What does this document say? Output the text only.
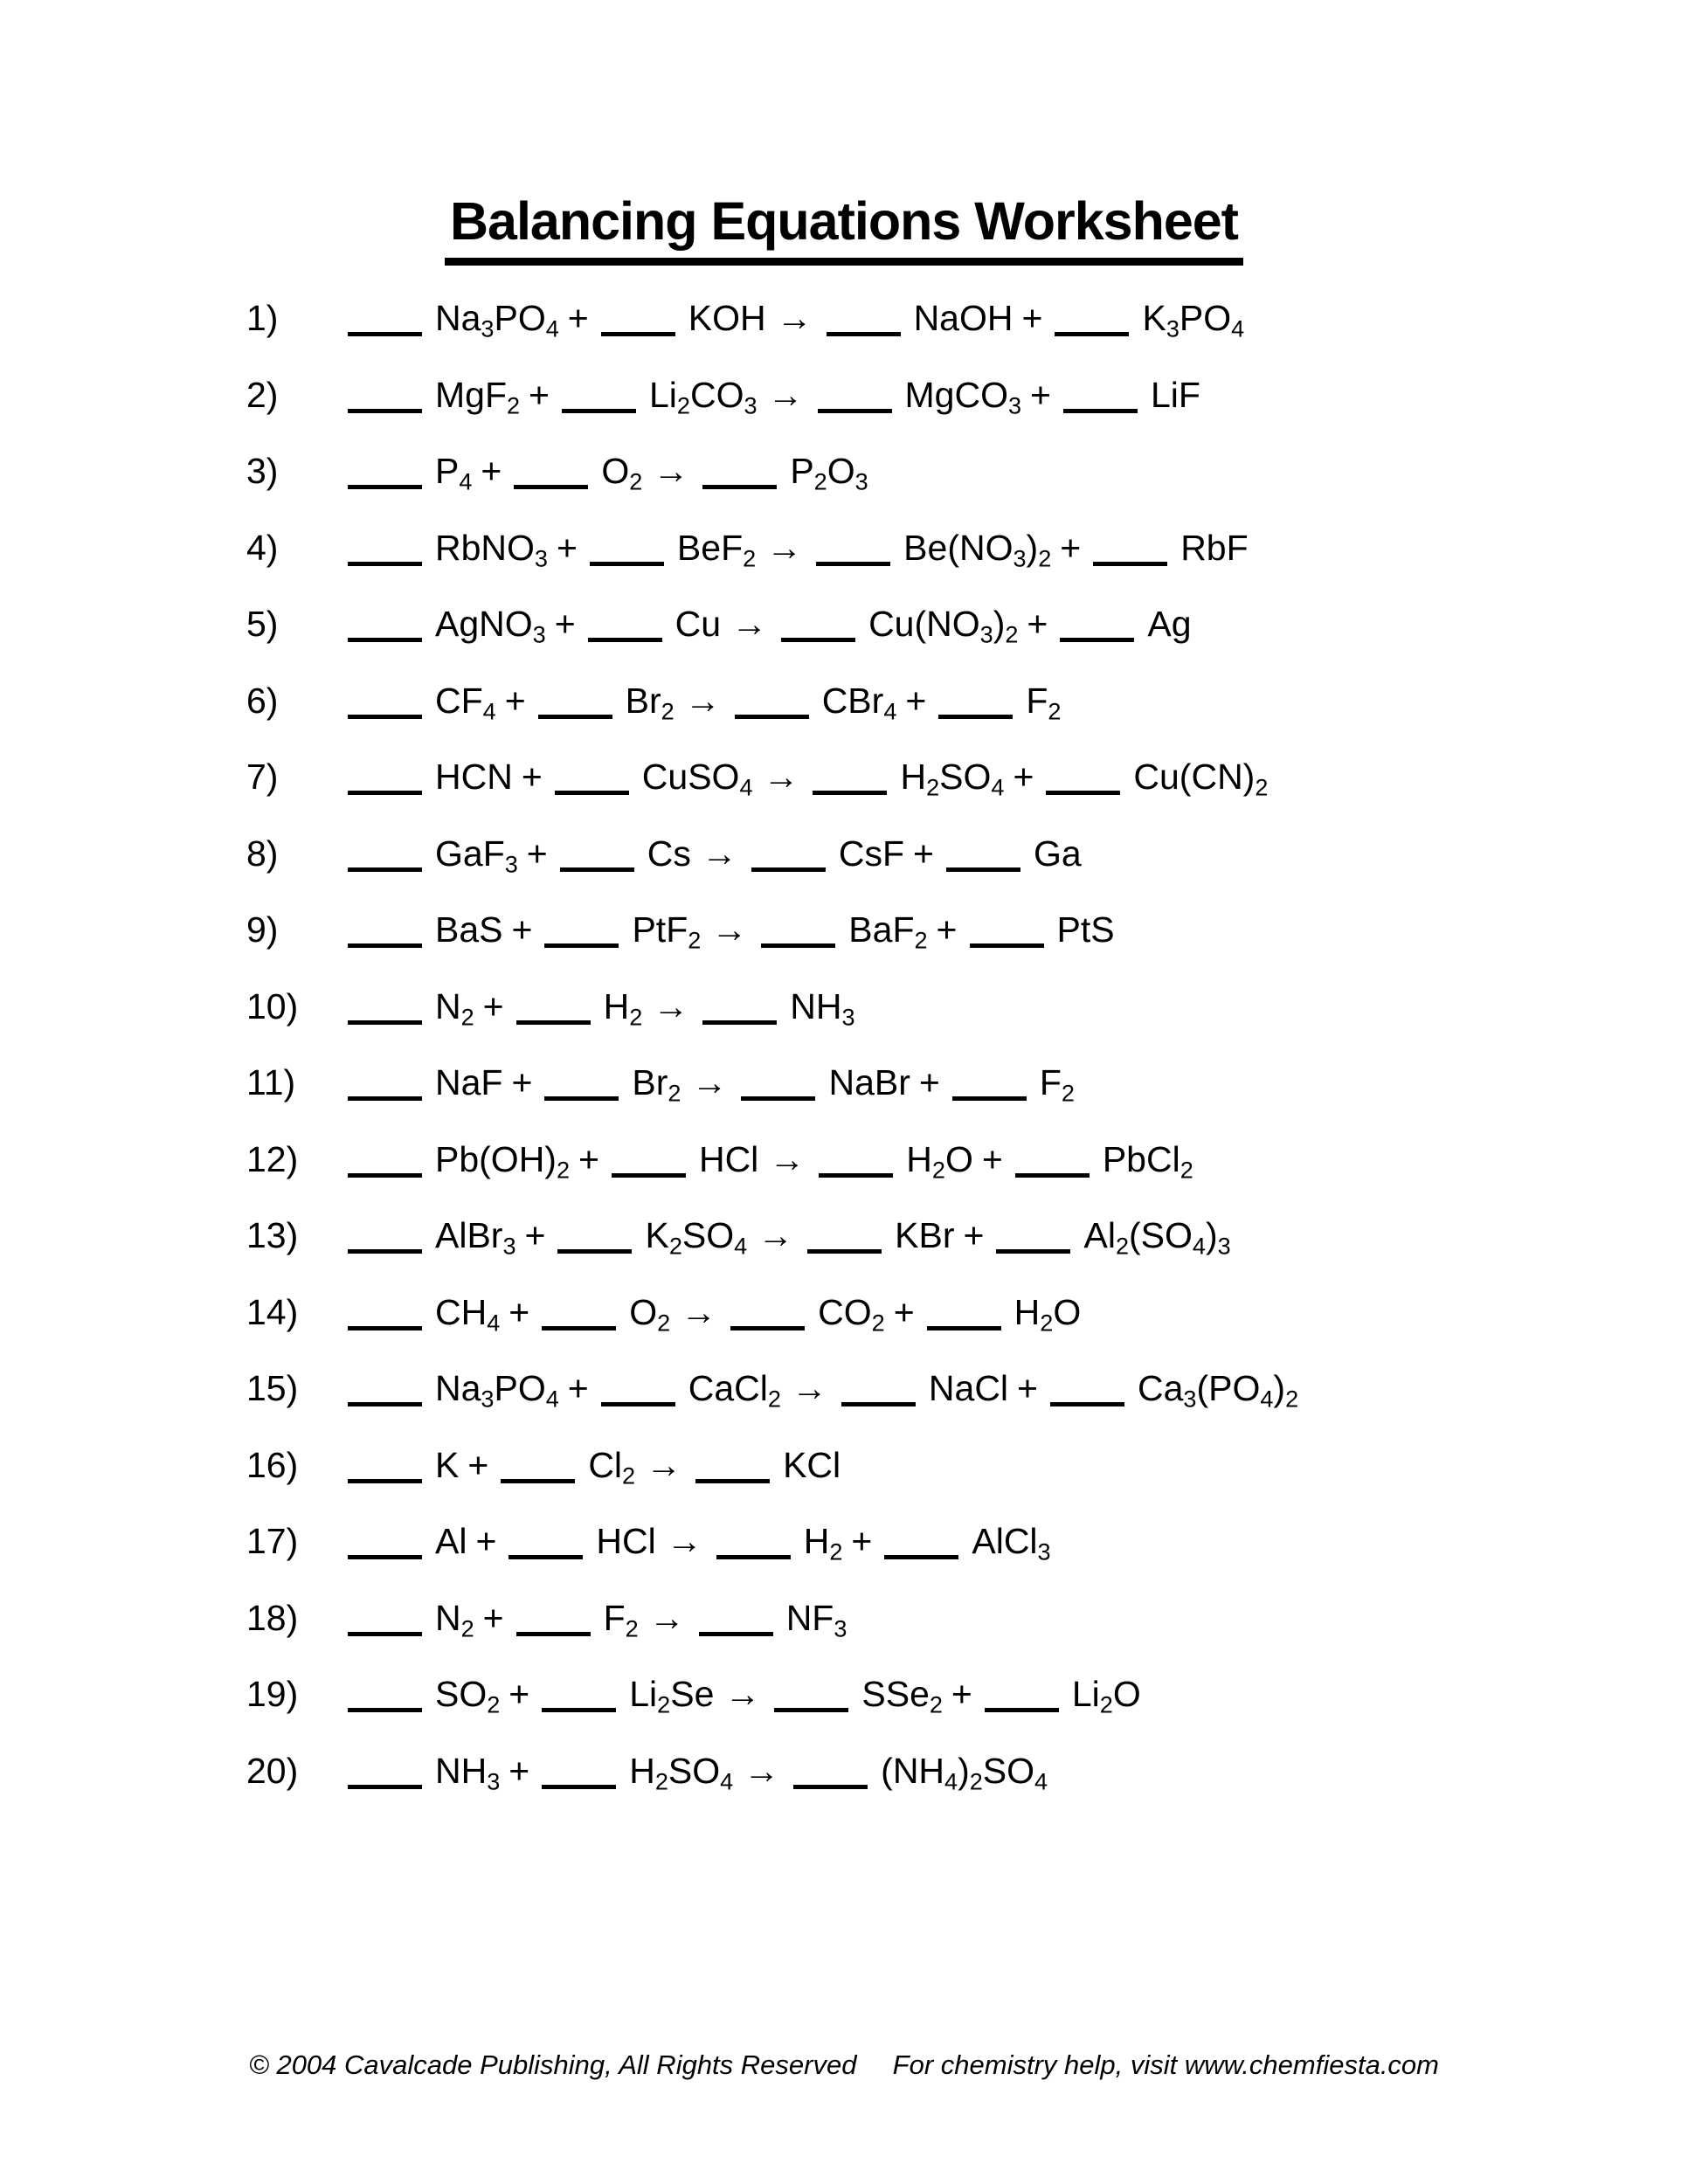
Balancing Equations Worksheet
1)	$Na_3PO_4$ +	KOH →	NaOH +	$K_3PO_4$
2)	MgF$_2$ +	$Li_2CO_3$ →	MgCO$_3$ +	LiF
3)	$P_4$ +	$O_2$ →	$P_2O_3$
4)	RbNO$_3$ +	BeF$_2$ →	$Be(NO_3)_2$ +	RbF
5)	AgNO$_3$ +	Cu →	$Cu(NO_3)_2$ +	Ag
6)	$CF_4$ +	$Br_2$ →	CBr$_4$ +	$F_2$
7)	HCN +	CuSO$_4$ →	$H_2SO_4$ +	$Cu(CN)_2$
8)	GaF$_3$ +	Cs →	CsF +	Ga
9)	BaS +	PtF$_2$ →	BaF$_2$ +	PtS
10)	$N_2$ +	$H_2$ →	$NH_3$
11)	NaF +	$Br_2$ →	NaBr +	$F_2$
12)	$Pb(OH)_2$ +	HCl →	$H_2O$ +	PbCl$_2$
13)	AlBr$_3$ +	$K_2SO_4$ →	KBr +	$Al_2(SO_4)_3$
14)	$CH_4$ +	$O_2$ →	$CO_2$ +	$H_2O$
15)	$Na_3PO_4$ +	CaCl$_2$ →	NaCl +	$Ca_3(PO_4)_2$
16)	K +	$Cl_2$ →	KCl
17)	Al +	HCl →	$H_2$ +	AlCl$_3$
18)	$N_2$ +	$F_2$ →	$NF_3$
19)	$SO_2$ +	$Li_2Se$ →	SSe$_2$ +	$Li_2O$
20)	$NH_3$ +	$H_2SO_4$ →	$(NH_4)_2SO_4$
© 2004 Cavalcade Publishing, All Rights Reserved For chemistry help, visit www.chemfiesta.com
